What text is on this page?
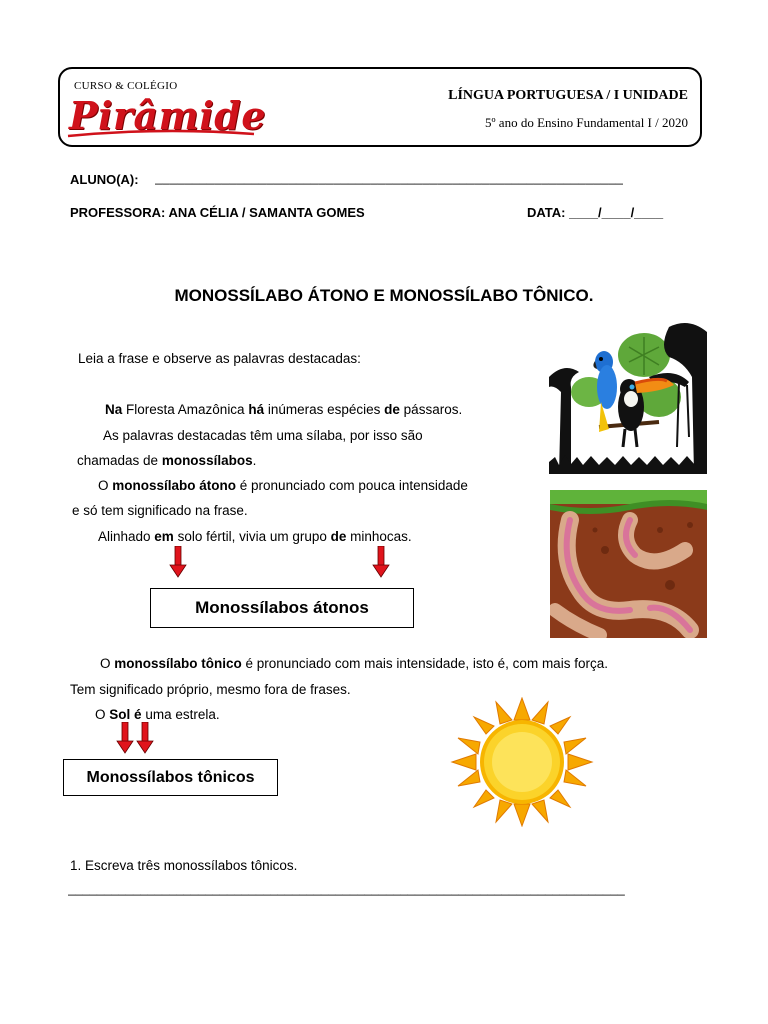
CURSO & COLÉGIO
Pirâmide	LÍNGUA PORTUGUESA / I UNIDADE
5º ano do Ensino Fundamental I / 2020
ALUNO(A): _______________________________________________________________
PROFESSORA: ANA CÉLIA / SAMANTA GOMES	DATA: ____/____/____
MONOSSÍLABO ÁTONO E MONOSSÍLABO TÔNICO.
Leia a frase e observe as palavras destacadas:
Na Floresta Amazônica há inúmeras espécies de pássaros.
As palavras destacadas têm uma sílaba, por isso são
chamadas de monossílabos.
O monossílabo átono é pronunciado com pouca intensidade
e só tem significado na frase.
Alinhado em solo fértil, vivia um grupo de minhocas.
Monossílabos átonos
O monossílabo tônico é pronunciado com mais intensidade, isto é, com mais força.
Tem significado próprio, mesmo fora de frases.
O Sol é uma estrela.
Monossílabos tônicos
1. Escreva três monossílabos tônicos.
_____________________________________________________________________________
